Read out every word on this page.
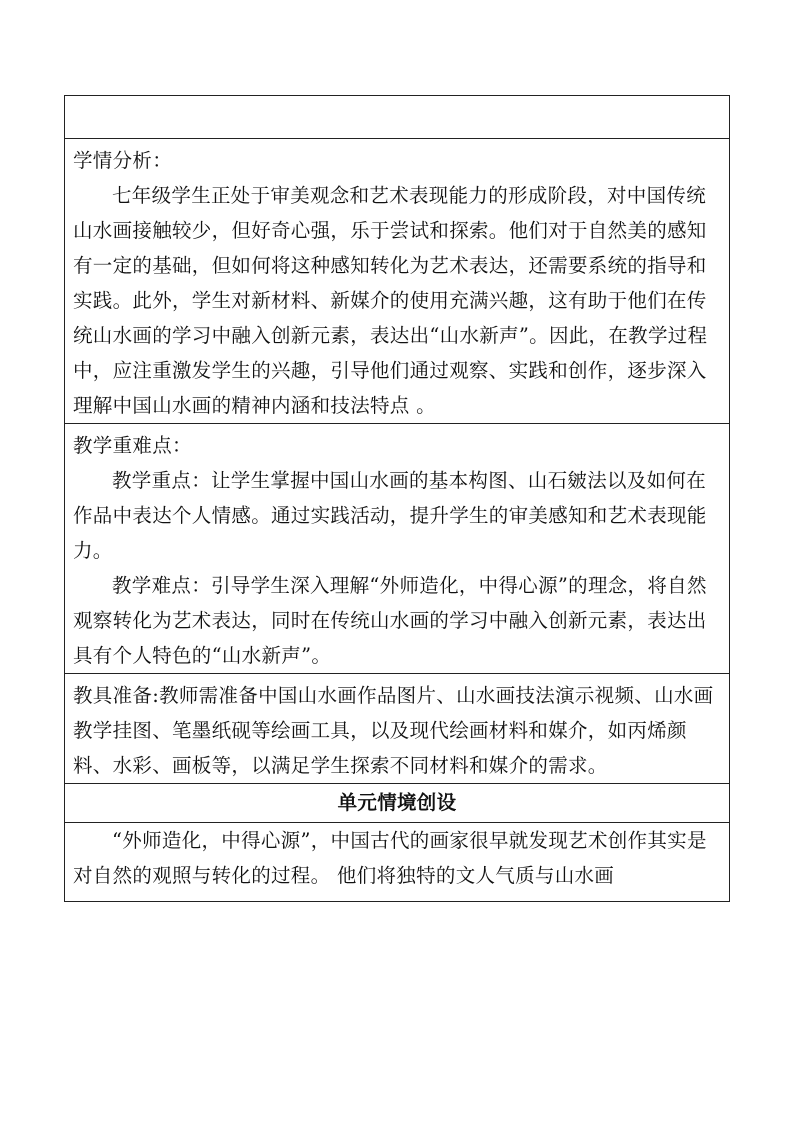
学情分析：
七年级学生正处于审美观念和艺术表现能力的形成阶段，对中国传统山水画接触较少，但好奇心强，乐于尝试和探索。他们对于自然美的感知有一定的基础，但如何将这种感知转化为艺术表达，还需要系统的指导和实践。此外，学生对新材料、新媒介的使用充满兴趣，这有助于他们在传统山水画的学习中融入创新元素，表达出“山水新声”。因此，在教学过程中，应注重激发学生的兴趣，引导他们通过观察、实践和创作，逐步深入理解中国山水画的精神内涵和技法特点 。

教学重难点：
教学重点：让学生掌握中国山水画的基本构图、山石皴法以及如何在作品中表达个人情感。通过实践活动，提升学生的审美感知和艺术表现能力。
教学难点：引导学生深入理解“外师造化，中得心源”的理念，将自然观察转化为艺术表达，同时在传统山水画的学习中融入创新元素，表达出具有个人特色的“山水新声”。

教具准备:教师需准备中国山水画作品图片、山水画技法演示视频、山水画教学挂图、笔墨纸砚等绘画工具，以及现代绘画材料和媒介，如丙烯颜料、水彩、画板等，以满足学生探索不同材料和媒介的需求。

单元情境创设

“外师造化，中得心源”，中国古代的画家很早就发现艺术创作其实是对自然的观照与转化的过程。 他们将独特的文人气质与山水画
